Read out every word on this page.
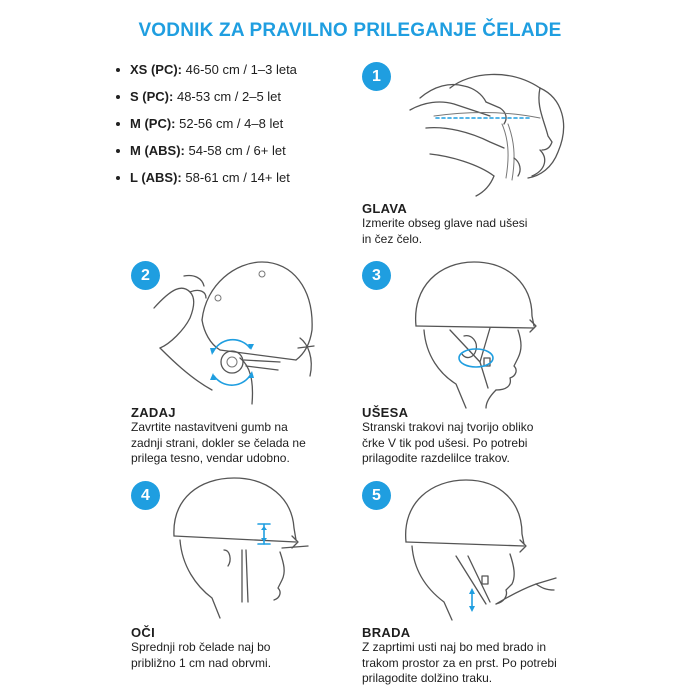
VODNIK ZA PRAVILNO PRILEGANJE ČELADE
XS (PC): 46-50 cm / 1–3 leta
S (PC): 48-53 cm / 2–5 let
M (PC): 52-56 cm / 4–8 let
M (ABS): 54-58 cm / 6+ let
L (ABS): 58-61 cm / 14+ let
1
GLAVA
Izmerite obseg glave nad ušesi
in čez čelo.
2
ZADAJ
Zavrtite nastavitveni gumb na
zadnji strani, dokler se čelada ne
prilega tesno, vendar udobno.
3
UŠESA
Stranski trakovi naj tvorijo obliko
črke V tik pod ušesi. Po potrebi
prilagodite razdelilce trakov.
4
OČI
Sprednji rob čelade naj bo
približno 1 cm nad obrvmi.
5
BRADA
Z zaprtimi usti naj bo med brado in
trakom prostor za en prst. Po potrebi
prilagodite dolžino traku.
